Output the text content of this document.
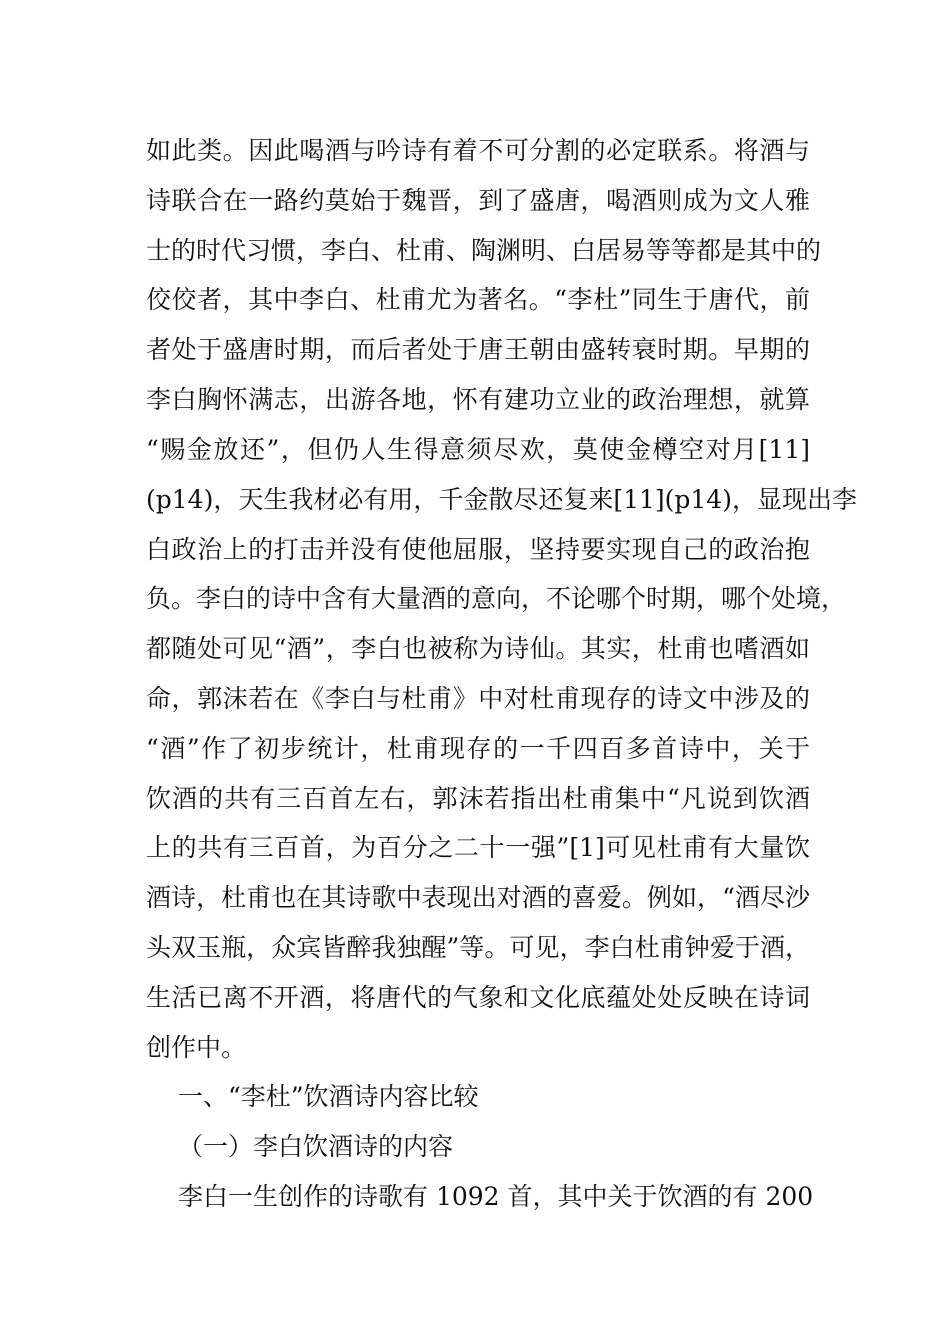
如此类。因此喝酒与吟诗有着不可分割的必定联系。将酒与
诗联合在一路约莫始于魏晋，到了盛唐，喝酒则成为文人雅
士的时代习惯，李白、杜甫、陶渊明、白居易等等都是其中的
佼佼者，其中李白、杜甫尤为著名。“李杜”同生于唐代，前
者处于盛唐时期，而后者处于唐王朝由盛转衰时期。早期的
李白胸怀满志，出游各地，怀有建功立业的政治理想，就算
“赐金放还”，但仍人生得意须尽欢，莫使金樽空对月[11]
(p14)，天生我材必有用，千金散尽还复来[11](p14)，显现出李
白政治上的打击并没有使他屈服，坚持要实现自己的政治抱
负。李白的诗中含有大量酒的意向，不论哪个时期，哪个处境，
都随处可见“酒”，李白也被称为诗仙。其实，杜甫也嗜酒如
命，郭沫若在《李白与杜甫》中对杜甫现存的诗文中涉及的
“酒”作了初步统计，杜甫现存的一千四百多首诗中，关于
饮酒的共有三百首左右，郭沫若指出杜甫集中“凡说到饮酒
上的共有三百首，为百分之二十一强”[1]可见杜甫有大量饮
酒诗，杜甫也在其诗歌中表现出对酒的喜爱。例如，“酒尽沙
头双玉瓶，众宾皆醉我独醒”等。可见，李白杜甫钟爱于酒，
生活已离不开酒，将唐代的气象和文化底蕴处处反映在诗词
创作中。
一、“李杜”饮酒诗内容比较
（一）李白饮酒诗的内容
李白一生创作的诗歌有 1092 首，其中关于饮酒的有 200
